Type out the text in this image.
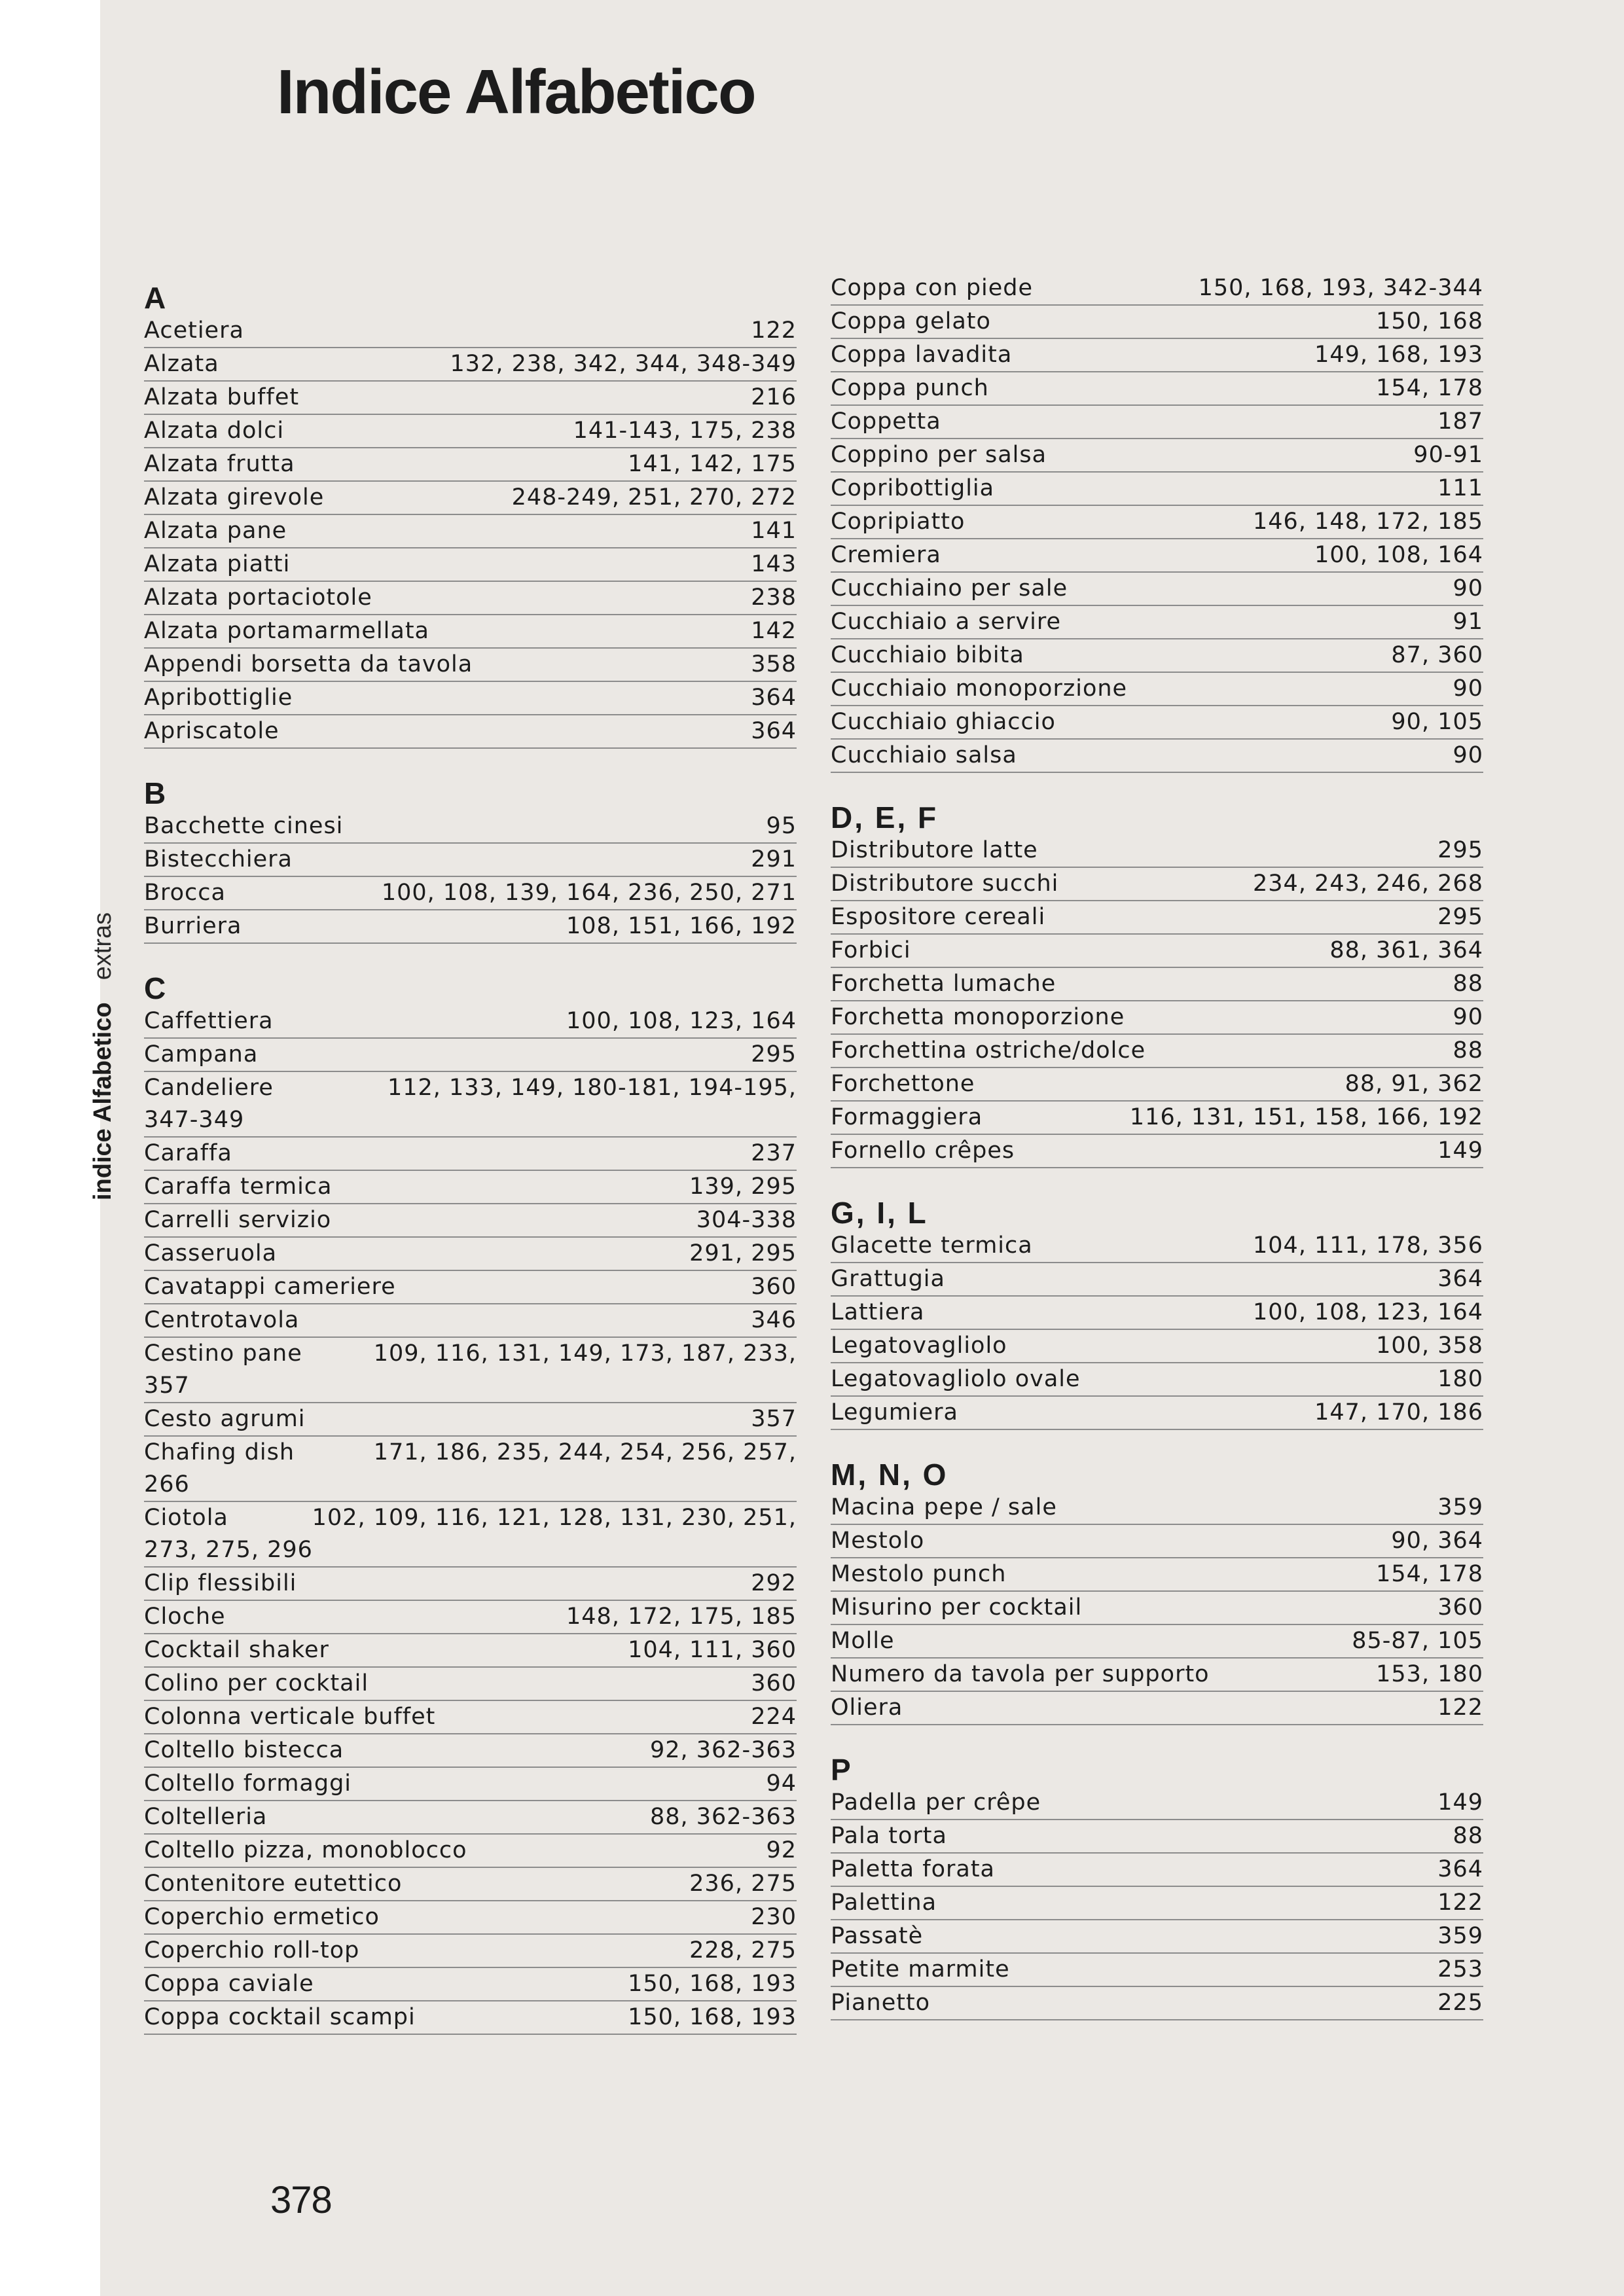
Indice Alfabetico
indice Alfabeticoextras
A
Acetiera	122
Alzata	132, 238, 342, 344, 348-349
Alzata buffet	216
Alzata dolci	141-143, 175, 238
Alzata frutta	141, 142, 175
Alzata girevole	248-249, 251, 270, 272
Alzata pane	141
Alzata piatti	143
Alzata portaciotole	238
Alzata portamarmellata	142
Appendi borsetta da tavola	358
Apribottiglie	364
Apriscatole	364
B
Bacchette cinesi	95
Bistecchiera	291
Brocca	100, 108, 139, 164, 236, 250, 271
Burriera	108, 151, 166, 192
C
Caffettiera	100, 108, 123, 164
Campana	295
Candeliere	112, 133, 149, 180-181, 194-195,
347-349
Caraffa	237
Caraffa termica	139, 295
Carrelli servizio	304-338
Casseruola	291, 295
Cavatappi cameriere	360
Centrotavola	346
Cestino pane	109, 116, 131, 149, 173, 187, 233,
357
Cesto agrumi	357
Chafing dish	171, 186, 235, 244, 254, 256, 257,
266
Ciotola	102, 109, 116, 121, 128, 131, 230, 251,
273, 275, 296
Clip flessibili	292
Cloche	148, 172, 175, 185
Cocktail shaker	104, 111, 360
Colino per cocktail	360
Colonna verticale buffet	224
Coltello bistecca	92, 362-363
Coltello formaggi	94
Coltelleria	88, 362-363
Coltello pizza, monoblocco	92
Contenitore eutettico	236, 275
Coperchio ermetico	230
Coperchio roll-top	228, 275
Coppa caviale	150, 168, 193
Coppa cocktail scampi	150, 168, 193
Coppa con piede	150, 168, 193, 342-344
Coppa gelato	150, 168
Coppa lavadita	149, 168, 193
Coppa punch	154, 178
Coppetta	187
Coppino per salsa	90-91
Copribottiglia	111
Copripiatto	146, 148, 172, 185
Cremiera	100, 108, 164
Cucchiaino per sale	90
Cucchiaio a servire	91
Cucchiaio bibita	87, 360
Cucchiaio monoporzione	90
Cucchiaio ghiaccio	90, 105
Cucchiaio salsa	90
D, E, F
Distributore latte	295
Distributore succhi	234, 243, 246, 268
Espositore cereali	295
Forbici	88, 361, 364
Forchetta lumache	88
Forchetta monoporzione	90
Forchettina ostriche/dolce	88
Forchettone	88, 91, 362
Formaggiera	116, 131, 151, 158, 166, 192
Fornello crêpes	149
G, I, L
Glacette termica	104, 111, 178, 356
Grattugia	364
Lattiera	100, 108, 123, 164
Legatovagliolo	100, 358
Legatovagliolo ovale	180
Legumiera	147, 170, 186
M, N, O
Macina pepe / sale	359
Mestolo	90, 364
Mestolo punch	154, 178
Misurino per cocktail	360
Molle	85-87, 105
Numero da tavola per supporto	153, 180
Oliera	122
P
Padella per crêpe	149
Pala torta	88
Paletta forata	364
Palettina	122
Passatè	359
Petite marmite	253
Pianetto	225
378
